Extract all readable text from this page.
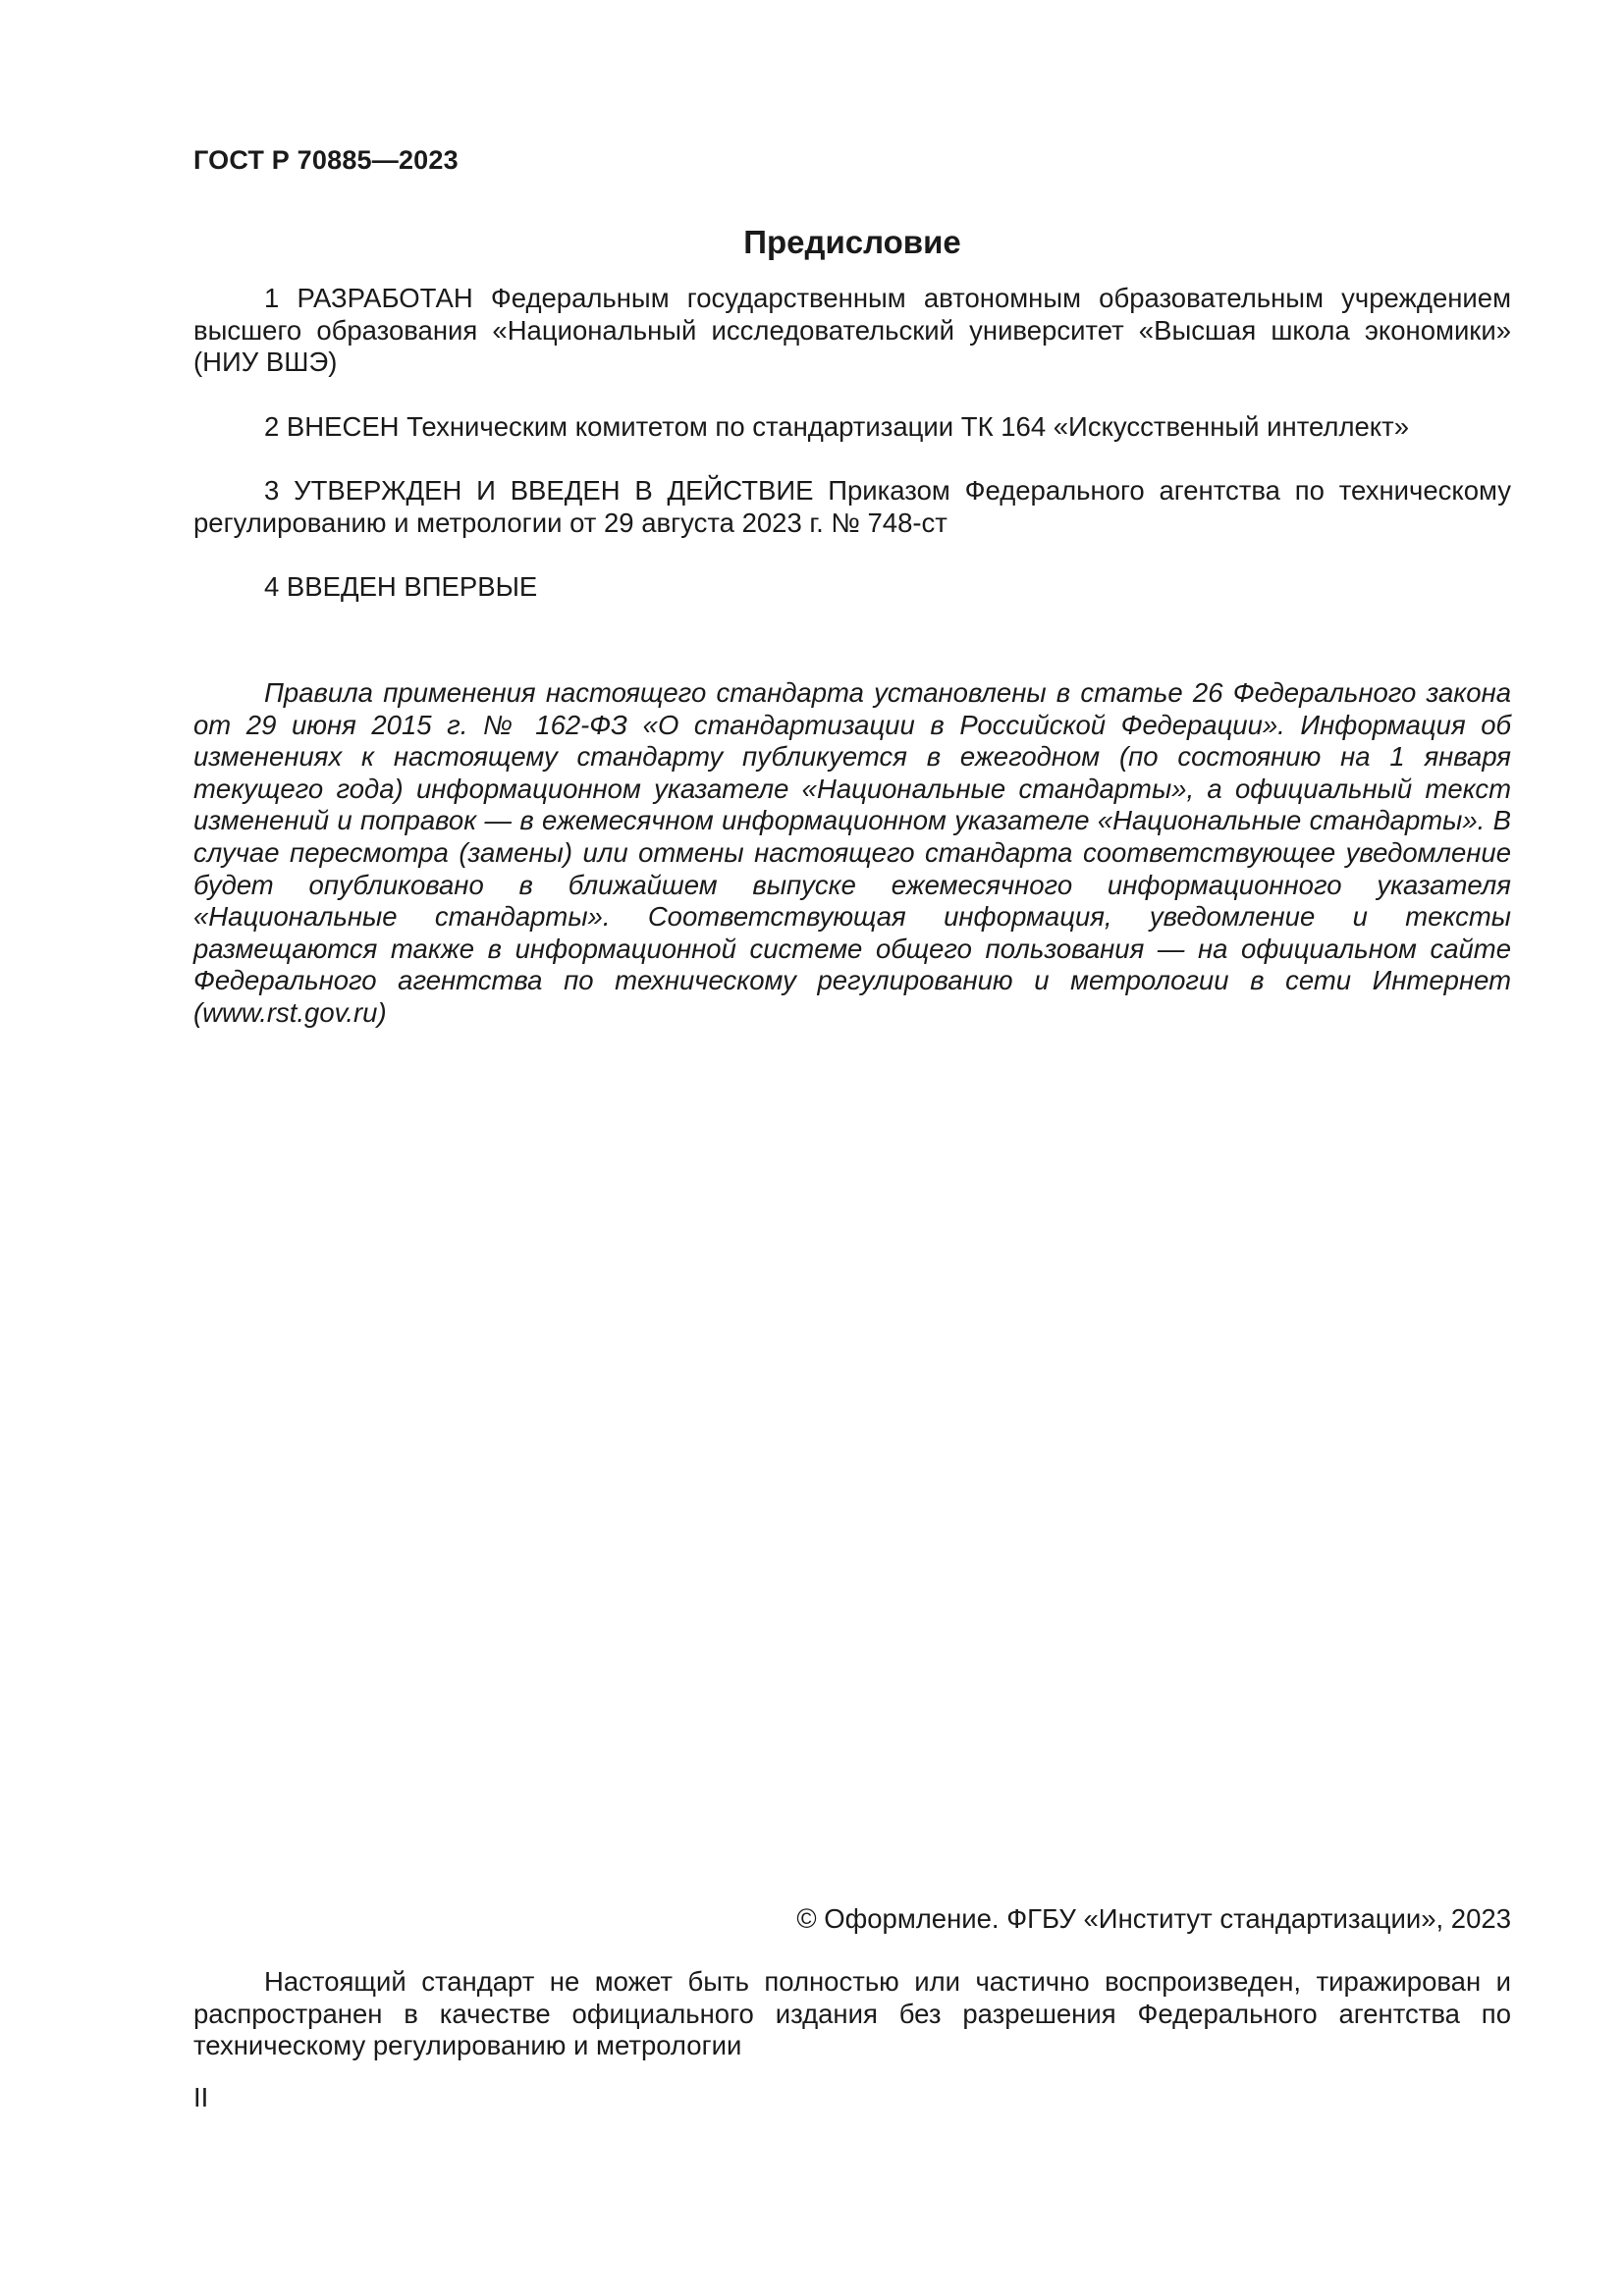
ГОСТ Р 70885—2023
Предисловие

1 РАЗРАБОТАН Федеральным государственным автономным образовательным учреждением высшего образования «Национальный исследовательский университет «Высшая школа экономики» (НИУ ВШЭ)

2 ВНЕСЕН Техническим комитетом по стандартизации ТК 164 «Искусственный интеллект»

3 УТВЕРЖДЕН И ВВЕДЕН В ДЕЙСТВИЕ Приказом Федерального агентства по техническому регулированию и метрологии от 29 августа 2023 г. № 748-ст

4 ВВЕДЕН ВПЕРВЫЕ

Правила применения настоящего стандарта установлены в статье 26 Федерального закона от 29 июня 2015 г. № 162-ФЗ «О стандартизации в Российской Федерации». Информация об изменениях к настоящему стандарту публикуется в ежегодном (по состоянию на 1 января текущего года) информационном указателе «Национальные стандарты», а официальный текст изменений и поправок — в ежемесячном информационном указателе «Национальные стандарты». В случае пересмотра (замены) или отмены настоящего стандарта соответствующее уведомление будет опубликовано в ближайшем выпуске ежемесячного информационного указателя «Национальные стандарты». Соответствующая информация, уведомление и тексты размещаются также в информационной системе общего пользования — на официальном сайте Федерального агентства по техническому регулированию и метрологии в сети Интернет (www.rst.gov.ru)

© Оформление. ФГБУ «Институт стандартизации», 2023

Настоящий стандарт не может быть полностью или частично воспроизведен, тиражирован и распространен в качестве официального издания без разрешения Федерального агентства по техническому регулированию и метрологии

II
